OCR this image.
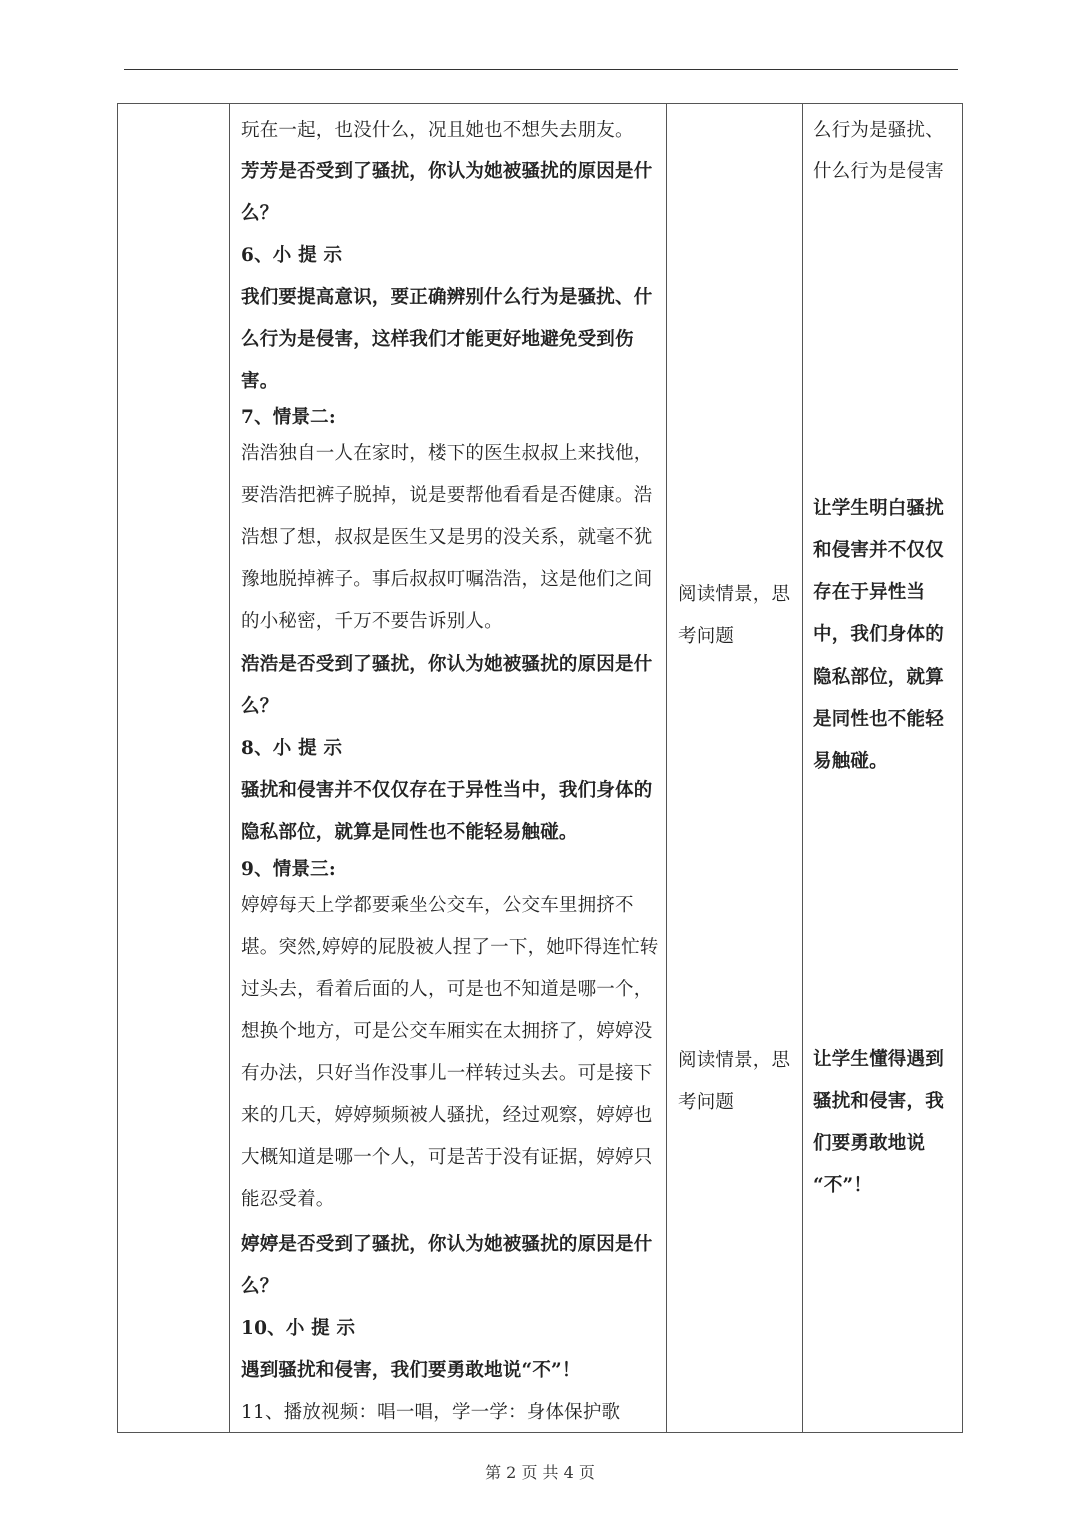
玩在一起，也没什么，况且她也不想失去朋友。
芳芳是否受到了骚扰，你认为她被骚扰的原因是什
么？
6、小 提 示
我们要提高意识，要正确辨别什么行为是骚扰、什
么行为是侵害，这样我们才能更好地避免受到伤
害。
7、情景二:
浩浩独自一人在家时，楼下的医生叔叔上来找他，
要浩浩把裤子脱掉，说是要帮他看看是否健康。浩
浩想了想，叔叔是医生又是男的没关系，就毫不犹
豫地脱掉裤子。事后叔叔叮嘱浩浩，这是他们之间
的小秘密，千万不要告诉别人。
浩浩是否受到了骚扰，你认为她被骚扰的原因是什
么？
8、小 提 示
骚扰和侵害并不仅仅存在于异性当中，我们身体的
隐私部位，就算是同性也不能轻易触碰。
9、情景三:
婷婷每天上学都要乘坐公交车，公交车里拥挤不
堪。突然,婷婷的屁股被人捏了一下，她吓得连忙转
过头去，看着后面的人，可是也不知道是哪一个，
想换个地方，可是公交车厢实在太拥挤了，婷婷没
有办法，只好当作没事儿一样转过头去。可是接下
来的几天，婷婷频频被人骚扰，经过观察，婷婷也
大概知道是哪一个人，可是苦于没有证据，婷婷只
能忍受着。
婷婷是否受到了骚扰，你认为她被骚扰的原因是什
么？
10、小 提 示
遇到骚扰和侵害，我们要勇敢地说“不”！
11、播放视频：唱一唱，学一学：身体保护歌
阅读情景，思
考问题
阅读情景，思
考问题
么行为是骚扰、
什么行为是侵害
让学生明白骚扰
和侵害并不仅仅
存在于异性当
中，我们身体的
隐私部位，就算
是同性也不能轻
易触碰。
让学生懂得遇到
骚扰和侵害，我
们要勇敢地说
“不”！
第 2 页 共 4 页
